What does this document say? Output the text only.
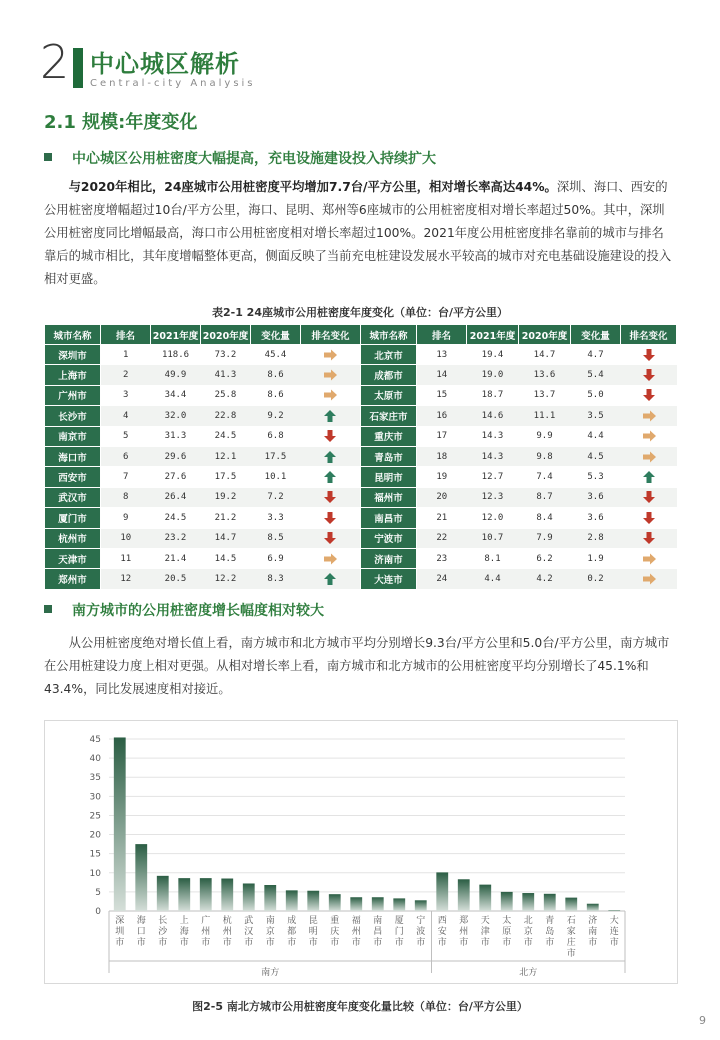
2 中心城区解析
Central-city Analysis
2.1 规模:年度变化
中心城区公用桩密度大幅提高，充电设施建设投入持续扩大
与2020年相比，24座城市公用桩密度平均增加7.7台/平方公里，相对增长率高达44%。深圳、海口、西安的公用桩密度增幅超过10台/平方公里，海口、昆明、郑州等6座城市的公用桩密度相对增长率超过50%。其中，深圳公用桩密度同比增幅最高，海口市公用桩密度相对增长率超过100%。2021年度公用桩密度排名靠前的城市与排名靠后的城市相比，其年度增幅整体更高，侧面反映了当前充电桩建设发展水平较高的城市对充电基础设施建设的投入相对更盛。
表2-1 24座城市公用桩密度年度变化（单位：台/平方公里）
城市名称	排名	2021年度	2020年度	变化量	排名变化	城市名称	排名	2021年度	2020年度	变化量	排名变化
深圳市	1	118.6	73.2	45.4		北京市	13	19.4	14.7	4.7	

上海市	2	49.9	41.3	8.6		成都市	14	19.0	13.6	5.4	

广州市	3	34.4	25.8	8.6		太原市	15	18.7	13.7	5.0	

长沙市	4	32.0	22.8	9.2		石家庄市	16	14.6	11.1	3.5	

南京市	5	31.3	24.5	6.8		重庆市	17	14.3	9.9	4.4	

海口市	6	29.6	12.1	17.5		青岛市	18	14.3	9.8	4.5	

西安市	7	27.6	17.5	10.1		昆明市	19	12.7	7.4	5.3	

武汉市	8	26.4	19.2	7.2		福州市	20	12.3	8.7	3.6	

厦门市	9	24.5	21.2	3.3		南昌市	21	12.0	8.4	3.6	

杭州市	10	23.2	14.7	8.5		宁波市	22	10.7	7.9	2.8	

天津市	11	21.4	14.5	6.9		济南市	23	8.1	6.2	1.9	

郑州市	12	20.5	12.2	8.3		大连市	24	4.4	4.2	0.2	
南方城市的公用桩密度增长幅度相对较大
从公用桩密度绝对增长值上看，南方城市和北方城市平均分别增长9.3台/平方公里和5.0台/平方公里，南方城市在公用桩建设力度上相对更强。从相对增长率上看，南方城市和北方城市的公用桩密度平均分别增长了45.1%和43.4%，同比发展速度相对接近。
0
5
10
15
20
25
30
35
40
45
深圳市
海口市
长沙市
上海市
广州市
杭州市
武汉市
南京市
成都市
昆明市
重庆市
福州市
南昌市
厦门市
宁波市
西安市
郑州市
天津市
太原市
北京市
青岛市
石家庄市
济南市
大连市
南方	北方
图2-5 南北方城市公用桩密度年度变化量比较（单位：台/平方公里）
9
